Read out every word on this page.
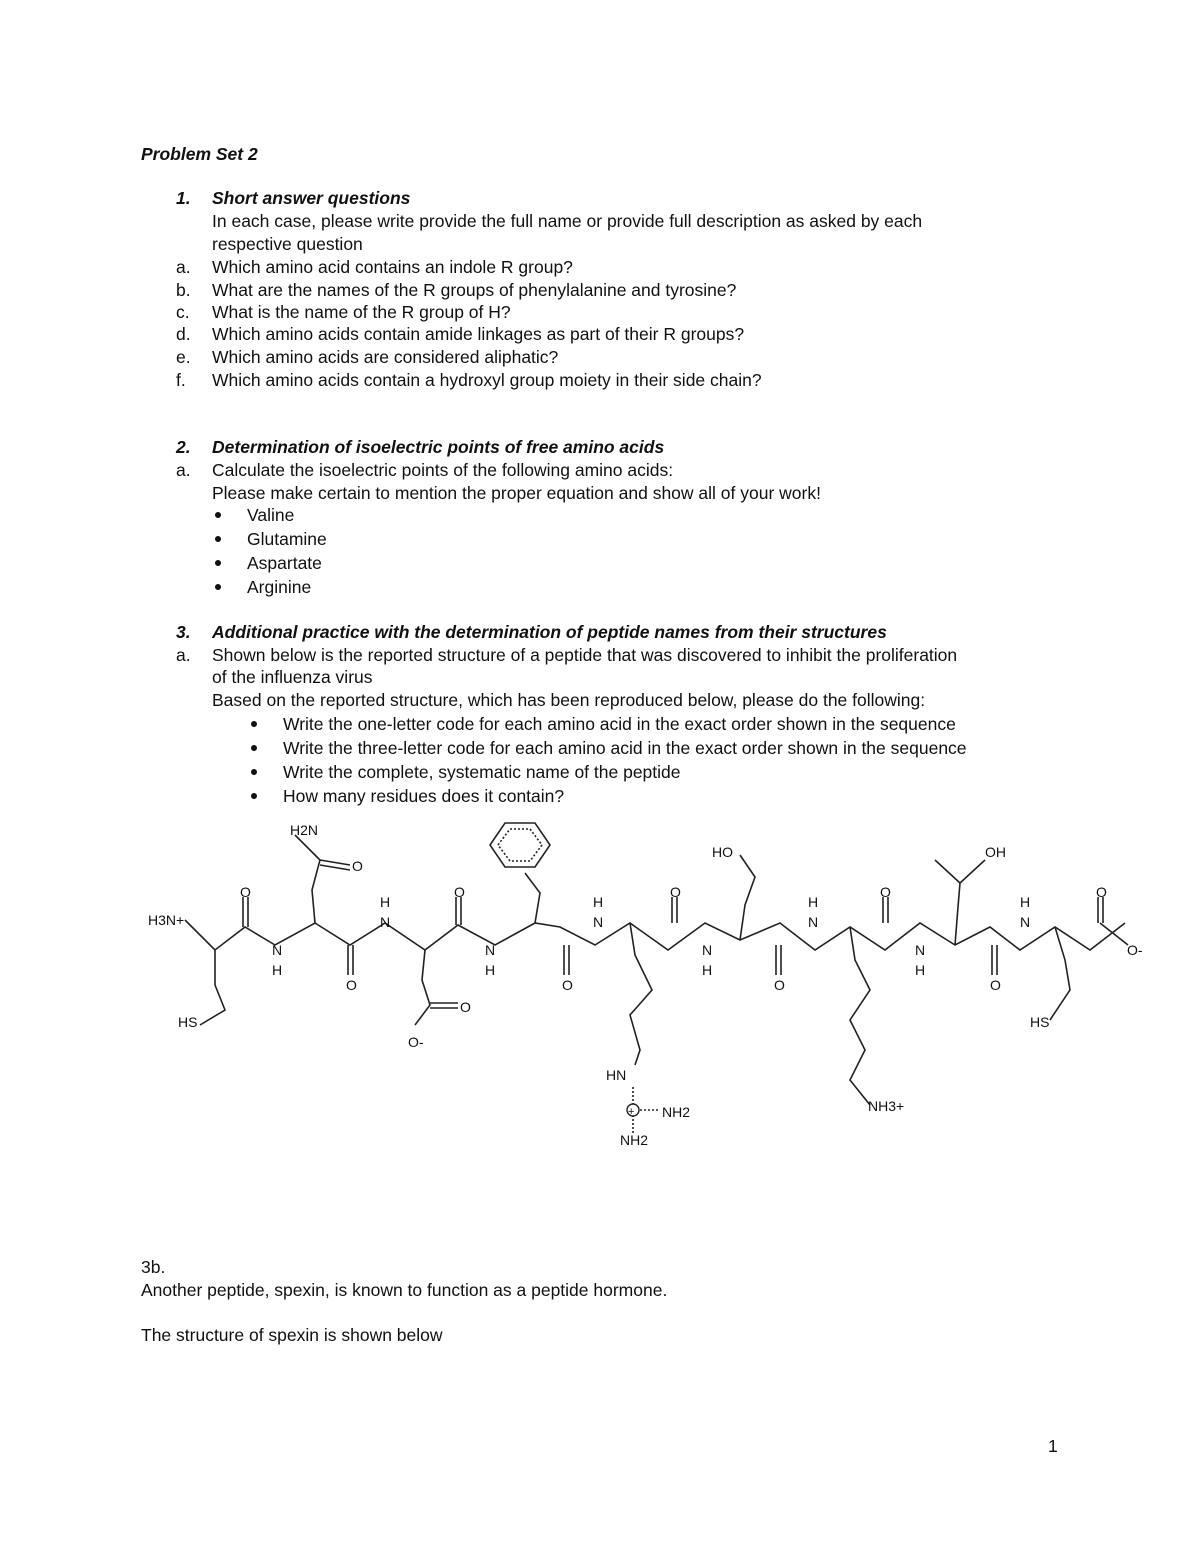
Problem Set 2
1. Short answer questions
In each case, please write provide the full name or provide full description as asked by each
respective question
a. Which amino acid contains an indole R group?
b. What are the names of the R groups of phenylalanine and tyrosine?
c. What is the name of the R group of H?
d. Which amino acids contain amide linkages as part of their R groups?
e. Which amino acids are considered aliphatic?
f. Which amino acids contain a hydroxyl group moiety in their side chain?
2. Determination of isoelectric points of free amino acids
a. Calculate the isoelectric points of the following amino acids:
Please make certain to mention the proper equation and show all of your work!
Valine
Glutamine
Aspartate
Arginine
3. Additional practice with the determination of peptide names from their structures
a. Shown below is the reported structure of a peptide that was discovered to inhibit the proliferation
of the influenza virus
Based on the reported structure, which has been reproduced below, please do the following:
Write the one-letter code for each amino acid in the exact order shown in the sequence
Write the three-letter code for each amino acid in the exact order shown in the sequence
Write the complete, systematic name of the peptide
How many residues does it contain?
H3N+
HS
N
H
O
H2N
O
O
H
N
O
O
O-
N
H
O
H
N
O
HN
+ NH2
NH2
N
H
HO
O
H
N
O
NH3+
N
H
OH
O
H
N
O
O-
HS
3b.
Another peptide, spexin, is known to function as a peptide hormone.
The structure of spexin is shown below
1
